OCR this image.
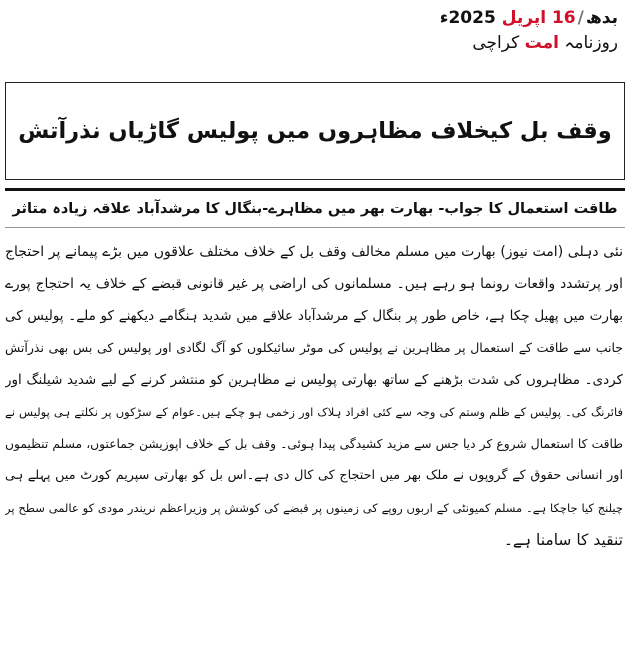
بدھ/16 اپریل 2025ء
روزنامہ امت کراچی
وقف بل کیخلاف مظاہروں میں پولیس گاڑیاں نذرآتش
طاقت استعمال کا جواب- بھارت بھر میں مظاہرے-بنگال کا مرشدآباد علاقہ زیادہ متاثر
نئی دہلی (امت نیوز) بھارت میں مسلم مخالف وقف بل کے خلاف مختلف علاقوں میں بڑے پیمانے پر احتجاج
اور پرتشدد واقعات رونما ہو رہے ہیں۔ مسلمانوں کی اراضی پر غیر قانونی قبضے کے خلاف یہ احتجاج پورے
بھارت میں پھیل چکا ہے، خاص طور پر بنگال کے مرشدآباد علاقے میں شدید ہنگامے دیکھنے کو ملے۔ پولیس کی
جانب سے طاقت کے استعمال پر مظاہرین نے پولیس کی موٹر سائیکلوں کو آگ لگادی اور پولیس کی بس بھی نذرآتش
کردی۔ مظاہروں کی شدت بڑھنے کے ساتھ بھارتی پولیس نے مظاہرین کو منتشر کرنے کے لیے شدید شیلنگ اور
فائرنگ کی۔ پولیس کے ظلم وستم کی وجہ سے کئی افراد ہلاک اور زخمی ہو چکے ہیں۔عوام کے سڑکوں پر نکلتے ہی پولیس نے
طاقت کا استعمال شروع کر دیا جس سے مزید کشیدگی پیدا ہوئی۔ وقف بل کے خلاف اپوزیشن جماعتوں، مسلم تنظیموں
اور انسانی حقوق کے گروپوں نے ملک بھر میں احتجاج کی کال دی ہے۔اس بل کو بھارتی سپریم کورٹ میں پہلے ہی
چیلنج کیا جاچکا ہے۔ مسلم کمیونٹی کے اربوں روپے کی زمینوں پر قبضے کی کوشش پر وزیراعظم نریندر مودی کو عالمی سطح پر
تنقید کا سامنا ہے۔
